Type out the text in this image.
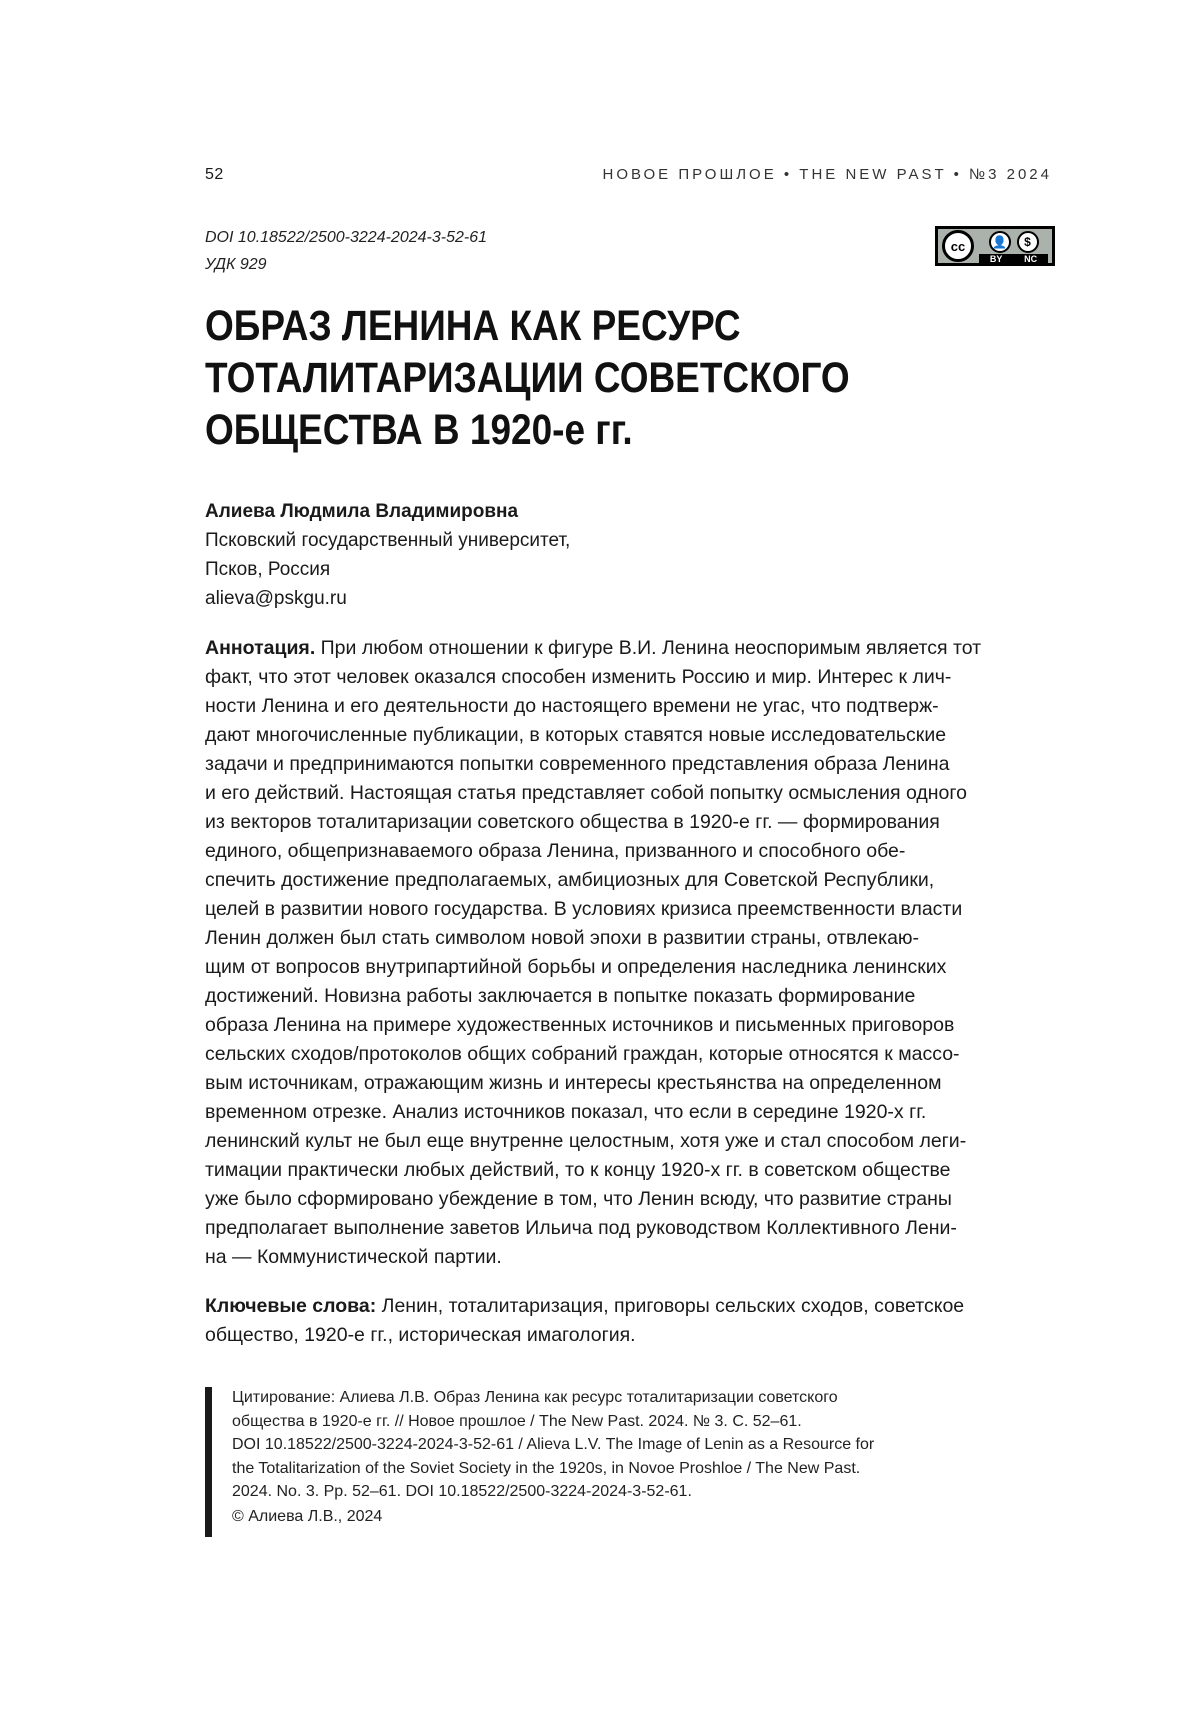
52	НОВОЕ ПРОШЛОЕ • THE NEW PAST • №3 2024
DOI 10.18522/2500-3224-2024-3-52-61
УДК 929
cc	👤	$
BY NC
ОБРАЗ ЛЕНИНА КАК РЕСУРС
ТОТАЛИТАРИЗАЦИИ СОВЕТСКОГО
ОБЩЕСТВА В 1920-е гг.
Алиева Людмила Владимировна
Псковский государственный университет,
Псков, Россия
alieva@pskgu.ru

Аннотация. При любом отношении к фигуре В.И. Ленина неоспоримым является тот
факт, что этот человек оказался способен изменить Россию и мир. Интерес к лич-
ности Ленина и его деятельности до настоящего времени не угас, что подтверж-
дают многочисленные публикации, в которых ставятся новые исследовательские
задачи и предпринимаются попытки современного представления образа Ленина
и его действий. Настоящая статья представляет собой попытку осмысления одного
из векторов тоталитаризации советского общества в 1920-е гг. — формирования
единого, общепризнаваемого образа Ленина, призванного и способного обе-
спечить достижение предполагаемых, амбициозных для Советской Республики,
целей в развитии нового государства. В условиях кризиса преемственности власти
Ленин должен был стать символом новой эпохи в развитии страны, отвлекаю-
щим от вопросов внутрипартийной борьбы и определения наследника ленинских
достижений. Новизна работы заключается в попытке показать формирование
образа Ленина на примере художественных источников и письменных приговоров
сельских сходов/протоколов общих собраний граждан, которые относятся к массо-
вым источникам, отражающим жизнь и интересы крестьянства на определенном
временном отрезке. Анализ источников показал, что если в середине 1920-х гг.
ленинский культ не был еще внутренне целостным, хотя уже и стал способом леги-
тимации практически любых действий, то к концу 1920-х гг. в советском обществе
уже было сформировано убеждение в том, что Ленин всюду, что развитие страны
предполагает выполнение заветов Ильича под руководством Коллективного Лени-
на — Коммунистической партии.

Ключевые слова: Ленин, тоталитаризация, приговоры сельских сходов, советское
общество, 1920-е гг., историческая имагология.

Цитирование: Алиева Л.В. Образ Ленина как ресурс тоталитаризации советского
общества в 1920-е гг. // Новое прошлое / The New Past. 2024. № 3. С. 52–61.
DOI 10.18522/2500-3224-2024-3-52-61 / Alieva L.V. The Image of Lenin as a Resource for
the Totalitarization of the Soviet Society in the 1920s, in Novoe Proshloe / The New Past.
2024. No. 3. Pp. 52–61. DOI 10.18522/2500-3224-2024-3-52-61.
© Алиева Л.В., 2024
